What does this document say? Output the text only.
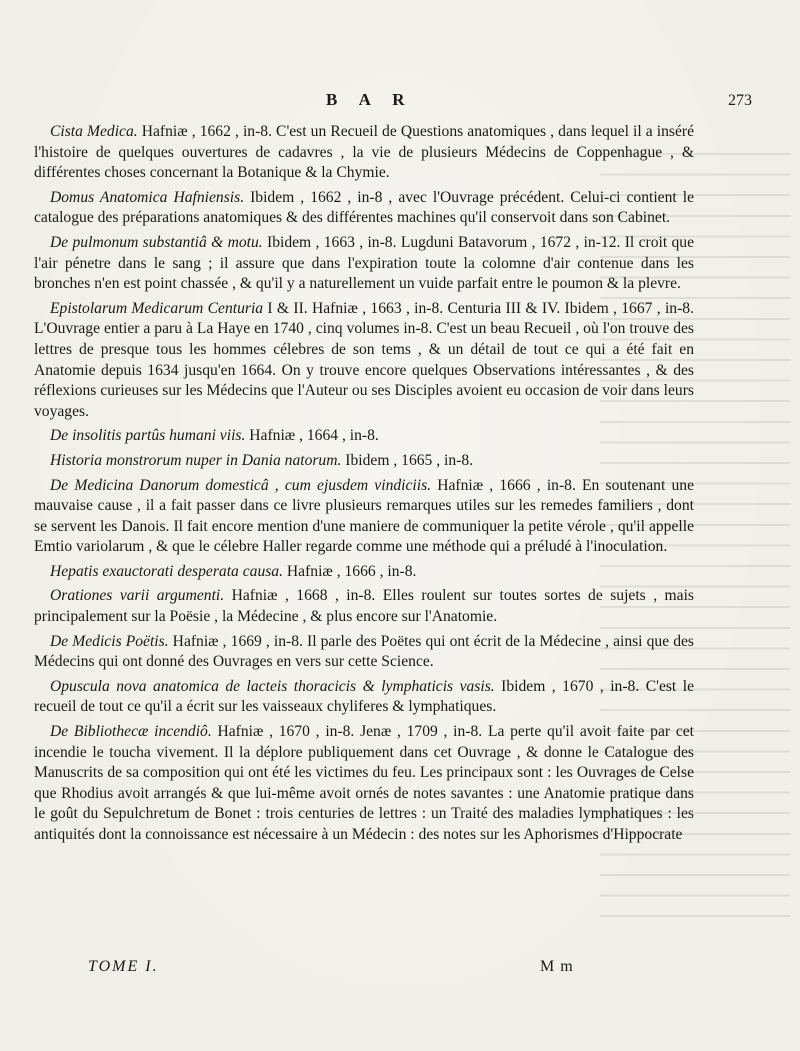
B A R	273

Cista Medica. Hafniæ , 1662 , in-8. C'est un Recueil de Questions anatomiques , dans lequel il a inséré l'histoire de quelques ouvertures de cadavres , la vie de plusieurs Médecins de Coppenhague , & différentes choses concernant la Botanique & la Chymie.

Domus Anatomica Hafniensis. Ibidem , 1662 , in-8 , avec l'Ouvrage précédent. Celui-ci contient le catalogue des préparations anatomiques & des différentes machines qu'il conservoit dans son Cabinet.

De pulmonum substantiâ & motu. Ibidem , 1663 , in-8. Lugduni Batavorum , 1672 , in-12. Il croit que l'air pénetre dans le sang ; il assure que dans l'expiration toute la colomne d'air contenue dans les bronches n'en est point chassée , & qu'il y a naturellement un vuide parfait entre le poumon & la plevre.

Epistolarum Medicarum Centuria I & II. Hafniæ , 1663 , in-8. Centuria III & IV. Ibidem , 1667 , in-8. L'Ouvrage entier a paru à La Haye en 1740 , cinq volumes in-8. C'est un beau Recueil , où l'on trouve des lettres de presque tous les hommes célebres de son tems , & un détail de tout ce qui a été fait en Anatomie depuis 1634 jusqu'en 1664. On y trouve encore quelques Observations intéressantes , & des réflexions curieuses sur les Médecins que l'Auteur ou ses Disciples avoient eu occasion de voir dans leurs voyages.

De insolitis partûs humani viis. Hafniæ , 1664 , in-8.

Historia monstrorum nuper in Dania natorum. Ibidem , 1665 , in-8.

De Medicina Danorum domesticâ , cum ejusdem vindiciis. Hafniæ , 1666 , in-8. En soutenant une mauvaise cause , il a fait passer dans ce livre plusieurs remarques utiles sur les remedes familiers , dont se servent les Danois. Il fait encore mention d'une maniere de communiquer la petite vérole , qu'il appelle Emtio variolarum , & que le célebre Haller regarde comme une méthode qui a préludé à l'inoculation.

Hepatis exauctorati desperata causa. Hafniæ , 1666 , in-8.

Orationes varii argumenti. Hafniæ , 1668 , in-8. Elles roulent sur toutes sortes de sujets , mais principalement sur la Poësie , la Médecine , & plus encore sur l'Anatomie.

De Medicis Poëtis. Hafniæ , 1669 , in-8. Il parle des Poëtes qui ont écrit de la Médecine , ainsi que des Médecins qui ont donné des Ouvrages en vers sur cette Science.

Opuscula nova anatomica de lacteis thoracicis & lymphaticis vasis. Ibidem , 1670 , in-8. C'est le recueil de tout ce qu'il a écrit sur les vaisseaux chyliferes & lymphatiques.

De Bibliothecæ incendiô. Hafniæ , 1670 , in-8. Jenæ , 1709 , in-8. La perte qu'il avoit faite par cet incendie le toucha vivement. Il la déplore publiquement dans cet Ouvrage , & donne le Catalogue des Manuscrits de sa composition qui ont été les victimes du feu. Les principaux sont : les Ouvrages de Celse que Rhodius avoit arrangés & que lui-même avoit ornés de notes savantes : une Anatomie pratique dans le goût du Sepulchretum de Bonet : trois centuries de lettres : un Traité des maladies lymphatiques : les antiquités dont la connoissance est nécessaire à un Médecin : des notes sur les Aphorismes d'Hippocrate

TOME I.	M m
